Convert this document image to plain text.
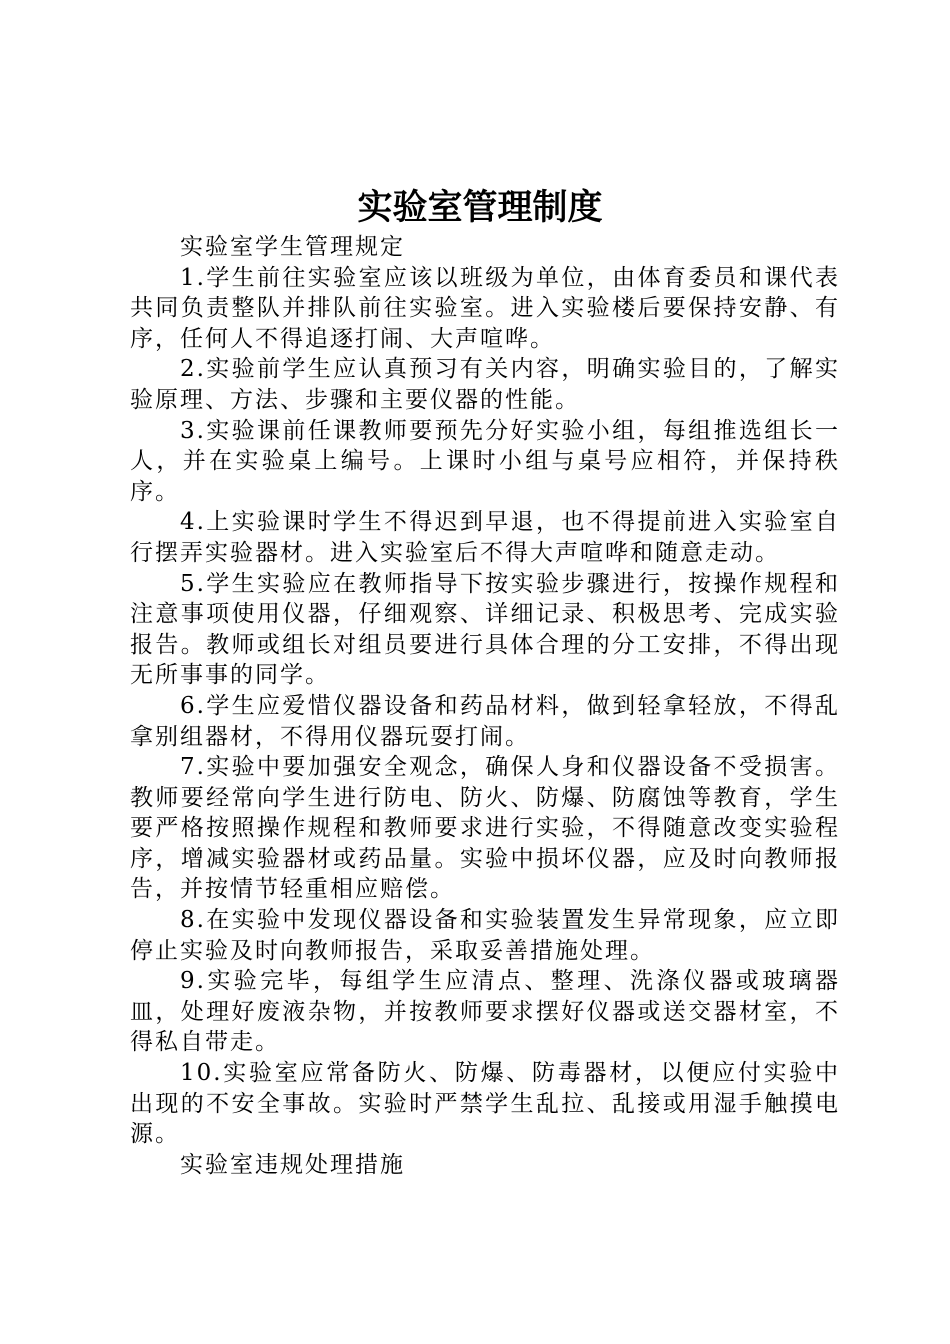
实验室管理制度

实验室学生管理规定

1.学生前往实验室应该以班级为单位，由体育委员和课代表共同负责整队并排队前往实验室。进入实验楼后要保持安静、有序，任何人不得追逐打闹、大声喧哗。

2.实验前学生应认真预习有关内容，明确实验目的，了解实验原理、方法、步骤和主要仪器的性能。

3.实验课前任课教师要预先分好实验小组，每组推选组长一人，并在实验桌上编号。上课时小组与桌号应相符，并保持秩序。

4.上实验课时学生不得迟到早退，也不得提前进入实验室自行摆弄实验器材。进入实验室后不得大声喧哗和随意走动。

5.学生实验应在教师指导下按实验步骤进行，按操作规程和注意事项使用仪器，仔细观察、详细记录、积极思考、完成实验报告。教师或组长对组员要进行具体合理的分工安排，不得出现无所事事的同学。

6.学生应爱惜仪器设备和药品材料，做到轻拿轻放，不得乱拿别组器材，不得用仪器玩耍打闹。

7.实验中要加强安全观念，确保人身和仪器设备不受损害。教师要经常向学生进行防电、防火、防爆、防腐蚀等教育，学生要严格按照操作规程和教师要求进行实验，不得随意改变实验程序，增减实验器材或药品量。实验中损坏仪器，应及时向教师报告，并按情节轻重相应赔偿。

8.在实验中发现仪器设备和实验装置发生异常现象，应立即停止实验及时向教师报告，采取妥善措施处理。

9.实验完毕，每组学生应清点、整理、洗涤仪器或玻璃器皿，处理好废液杂物，并按教师要求摆好仪器或送交器材室，不得私自带走。

10.实验室应常备防火、防爆、防毒器材，以便应付实验中出现的不安全事故。实验时严禁学生乱拉、乱接或用湿手触摸电源。

实验室违规处理措施
